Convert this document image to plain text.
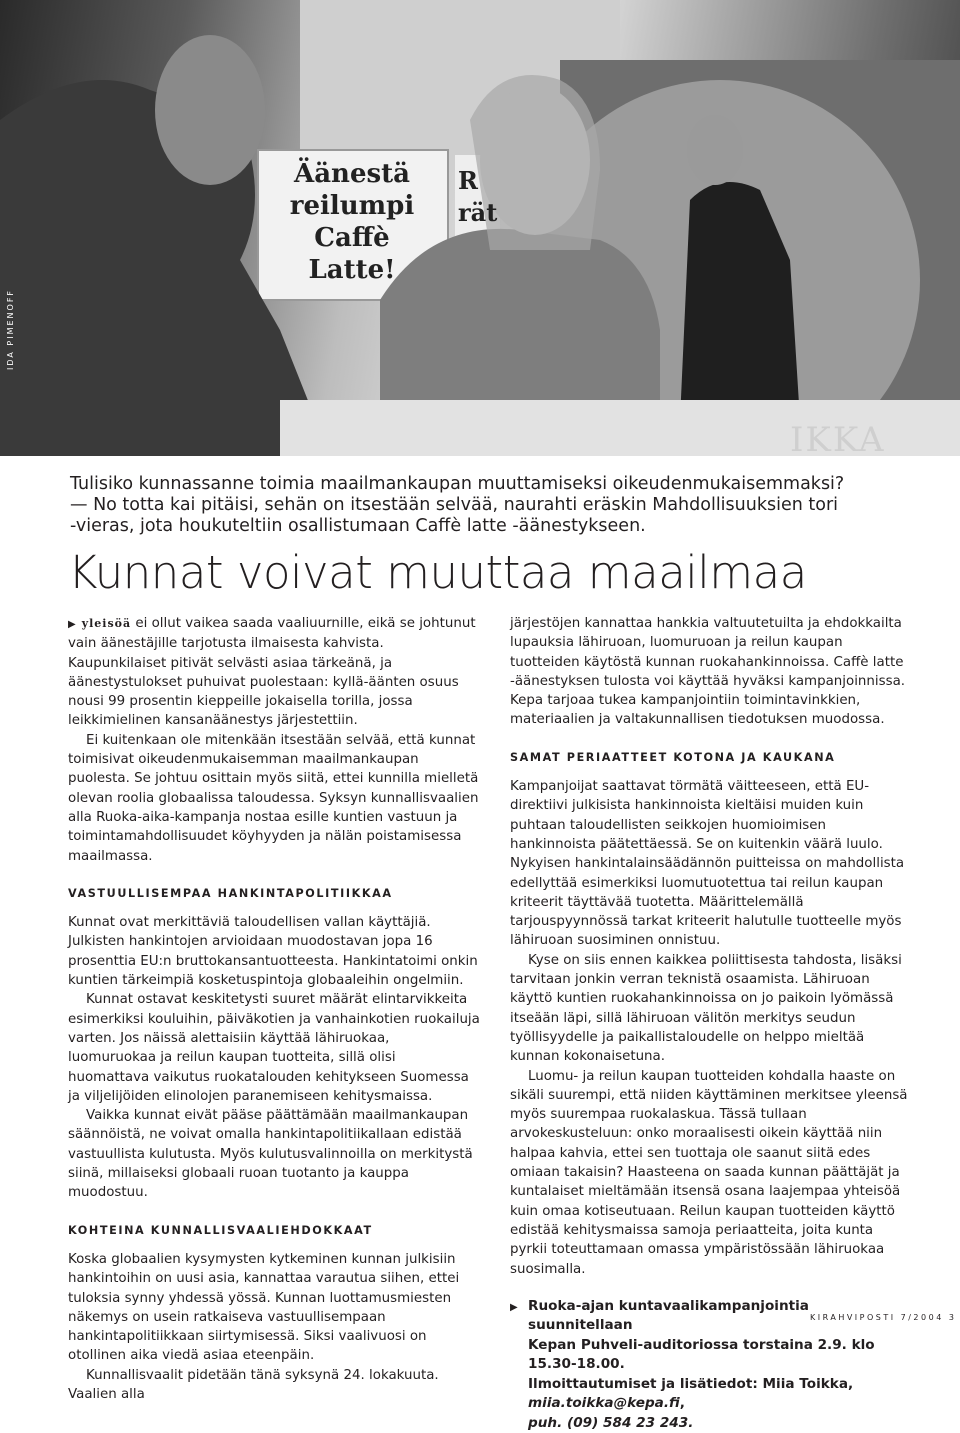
Äänestä
reilumpi
Caffè
Latte!
R
rät
IKKA
IDA PIMENOFF

Tulisiko kunnassanne toimia maailmankaupan muuttamiseksi oikeudenmukaisemmaksi?

— No totta kai pitäisi, sehän on itsestään selvää, naurahti eräskin Mahdollisuuksien tori

-vieras, jota houkuteltiin osallistumaan Caffè latte -äänestykseen.

Kunnat voivat muuttaa maailmaa

▶ yleisöä ei ollut vaikea saada vaaliuurnille, eikä se johtunut vain äänestäjille tarjotusta ilmaisesta kahvista. Kaupunkilaiset pitivät selvästi asiaa tärkeänä, ja äänestystulokset puhuivat puolestaan: kyllä-äänten osuus nousi 99 prosentin kieppeille jokaisella torilla, jossa leikkimielinen kansanäänestys järjestettiin.

Ei kuitenkaan ole mitenkään itsestään selvää, että kunnat toimisivat oikeudenmukaisemman maailmankaupan puolesta. Se johtuu osittain myös siitä, ettei kunnilla mielletä olevan roolia globaalissa taloudessa. Syksyn kunnallisvaalien alla Ruoka-aika-kampanja nostaa esille kuntien vastuun ja toimintamahdollisuudet köyhyyden ja nälän poistamisessa maailmassa.

VASTUULLISEMPAA HANKINTAPOLITIIKKAA

Kunnat ovat merkittäviä taloudellisen vallan käyttäjiä. Julkisten hankintojen arvioidaan muodostavan jopa 16 prosenttia EU:n bruttokansantuotteesta. Hankintatoimi onkin kuntien tärkeimpiä kosketuspintoja globaaleihin ongelmiin.

Kunnat ostavat keskitetysti suuret määrät elintarvikkeita esimerkiksi kouluihin, päiväkotien ja vanhainkotien ruokailuja varten. Jos näissä alettaisiin käyttää lähiruokaa, luomuruokaa ja reilun kaupan tuotteita, sillä olisi huomattava vaikutus ruokatalouden kehitykseen Suomessa ja viljelijöiden elinolojen paranemiseen kehitysmaissa.

Vaikka kunnat eivät pääse päättämään maailmankaupan säännöistä, ne voivat omalla hankintapolitiikallaan edistää vastuullista kulutusta. Myös kulutusvalinnoilla on merkitystä siinä, millaiseksi globaali ruoan tuotanto ja kauppa muodostuu.

KOHTEINA KUNNALLISVAALIEHDOKKAAT

Koska globaalien kysymysten kytkeminen kunnan julkisiin hankintoihin on uusi asia, kannattaa varautua siihen, ettei tuloksia synny yhdessä yössä. Kunnan luottamusmiesten näkemys on usein ratkaiseva vastuullisempaan hankintapolitiikkaan siirtymisessä. Siksi vaalivuosi on otollinen aika viedä asiaa eteenpäin.

Kunnallisvaalit pidetään tänä syksynä 24. lokakuuta. Vaalien alla

järjestöjen kannattaa hankkia valtuutetuilta ja ehdokkailta lupauksia lähiruoan, luomuruoan ja reilun kaupan tuotteiden käytöstä kunnan ruokahankinnoissa. Caffè latte -äänestyksen tulosta voi käyttää hyväksi kampanjoinnissa. Kepa tarjoaa tukea kampanjointiin toimintavinkkien, materiaalien ja valtakunnallisen tiedotuksen muodossa.

SAMAT PERIAATTEET KOTONA JA KAUKANA

Kampanjoijat saattavat törmätä väitteeseen, että EU-direktiivi julkisista hankinnoista kieltäisi muiden kuin puhtaan taloudellisten seikkojen huomioimisen hankinnoista päätettäessä. Se on kuitenkin väärä luulo. Nykyisen hankintalainsäädännön puitteissa on mahdollista edellyttää esimerkiksi luomutuotettua tai reilun kaupan kriteerit täyttävää tuotetta. Määrittelemällä tarjouspyynnössä tarkat kriteerit halutulle tuotteelle myös lähiruoan suosiminen onnistuu.

Kyse on siis ennen kaikkea poliittisesta tahdosta, lisäksi tarvitaan jonkin verran teknistä osaamista. Lähiruoan käyttö kuntien ruokahankinnoissa on jo paikoin lyömässä itseään läpi, sillä lähiruoan välitön merkitys seudun työllisyydelle ja paikallistaloudelle on helppo mieltää kunnan kokonaisetuna.

Luomu- ja reilun kaupan tuotteiden kohdalla haaste on sikäli suurempi, että niiden käyttäminen merkitsee yleensä myös suurempaa ruokalaskua. Tässä tullaan arvokeskusteluun: onko moraalisesti oikein käyttää niin halpaa kahvia, ettei sen tuottaja ole saanut siitä edes omiaan takaisin? Haasteena on saada kunnan päättäjät ja kuntalaiset mieltämään itsensä osana laajempaa yhteisöä kuin omaa kotiseutuaan. Reilun kaupan tuotteiden käyttö edistää kehitysmaissa samoja periaatteita, joita kunta pyrkii toteuttamaan omassa ympäristössään lähiruokaa suosimalla.

▶ Ruoka-ajan kuntavaalikampanjointia suunnitellaan
Kepan Puhveli-auditoriossa torstaina 2.9. klo 15.30-18.00.
Ilmoittautumiset ja lisätiedot: Miia Toikka, miia.toikka@kepa.fi,
puh. (09) 584 23 243.
KIRAHVIPOSTI 7/2004 3
